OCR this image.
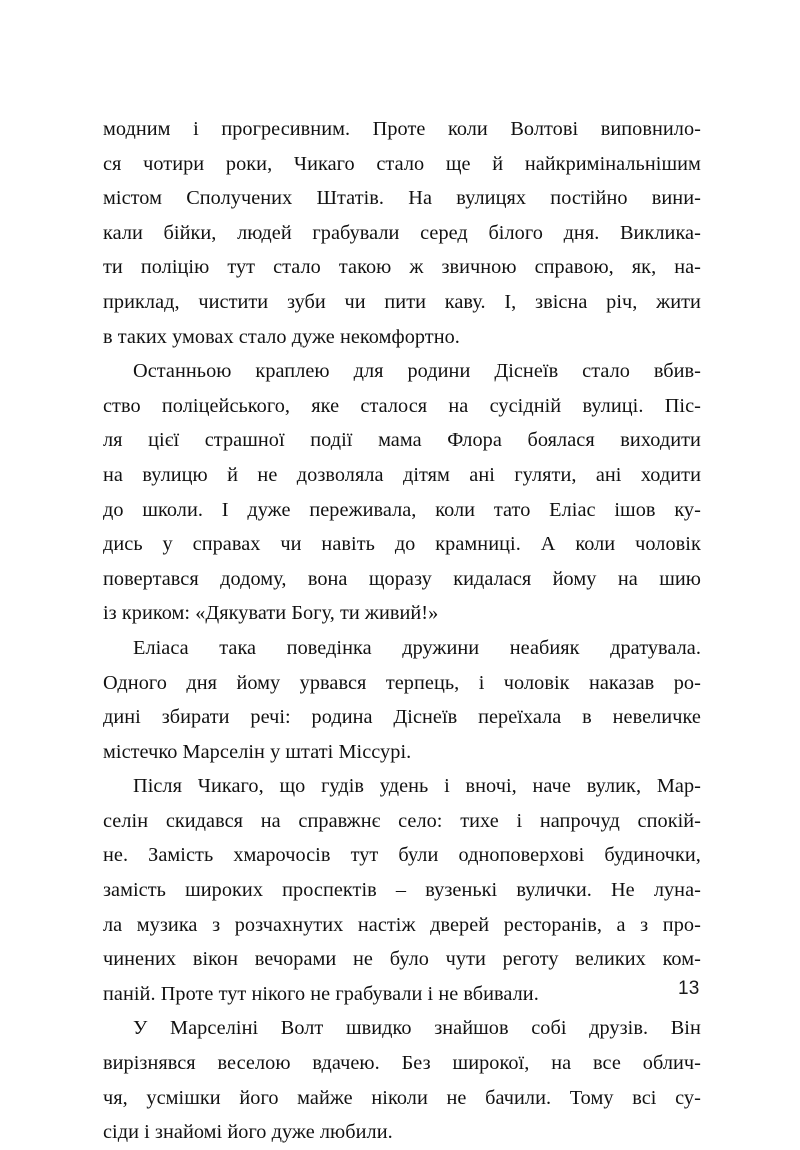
модним і прогресивним. Проте коли Волтові виповнило-
ся чотири роки, Чикаго стало ще й найкримінальнішим
містом Сполучених Штатів. На вулицях постійно вини-
кали бійки, людей грабували серед білого дня. Виклика-
ти поліцію тут стало такою ж звичною справою, як, на-
приклад, чистити зуби чи пити каву. І, звісна річ, жити
в таких умовах стало дуже некомфортно.
Останньою краплею для родини Діснеїв стало вбив-
ство поліцейського, яке сталося на сусідній вулиці. Піс-
ля цієї страшної події мама Флора боялася виходити
на вулицю й не дозволяла дітям ані гуляти, ані ходити
до школи. І дуже переживала, коли тато Еліас ішов ку-
дись у справах чи навіть до крамниці. А коли чоловік
повертався додому, вона щоразу кидалася йому на шию
із криком: «Дякувати Богу, ти живий!»
Еліаса така поведінка дружини неабияк дратувала.
Одного дня йому урвався терпець, і чоловік наказав ро-
дині збирати речі: родина Діснеїв переїхала в невеличке
містечко Марселін у штаті Міссурі.
Після Чикаго, що гудів удень і вночі, наче вулик, Мар-
селін скидався на справжнє село: тихе і напрочуд спокій-
не. Замість хмарочосів тут були одноповерхові будиночки,
замість широких проспектів – вузенькі вулички. Не луна-
ла музика з розчахнутих настіж дверей ресторанів, а з про-
чинених вікон вечорами не було чути реготу великих ком-
паній. Проте тут нікого не грабували і не вбивали.
У Марселіні Волт швидко знайшов собі друзів. Він
вирізнявся веселою вдачею. Без широкої, на все облич-
чя, усмішки його майже ніколи не бачили. Тому всі су-
сіди і знайомі його дуже любили.
13
